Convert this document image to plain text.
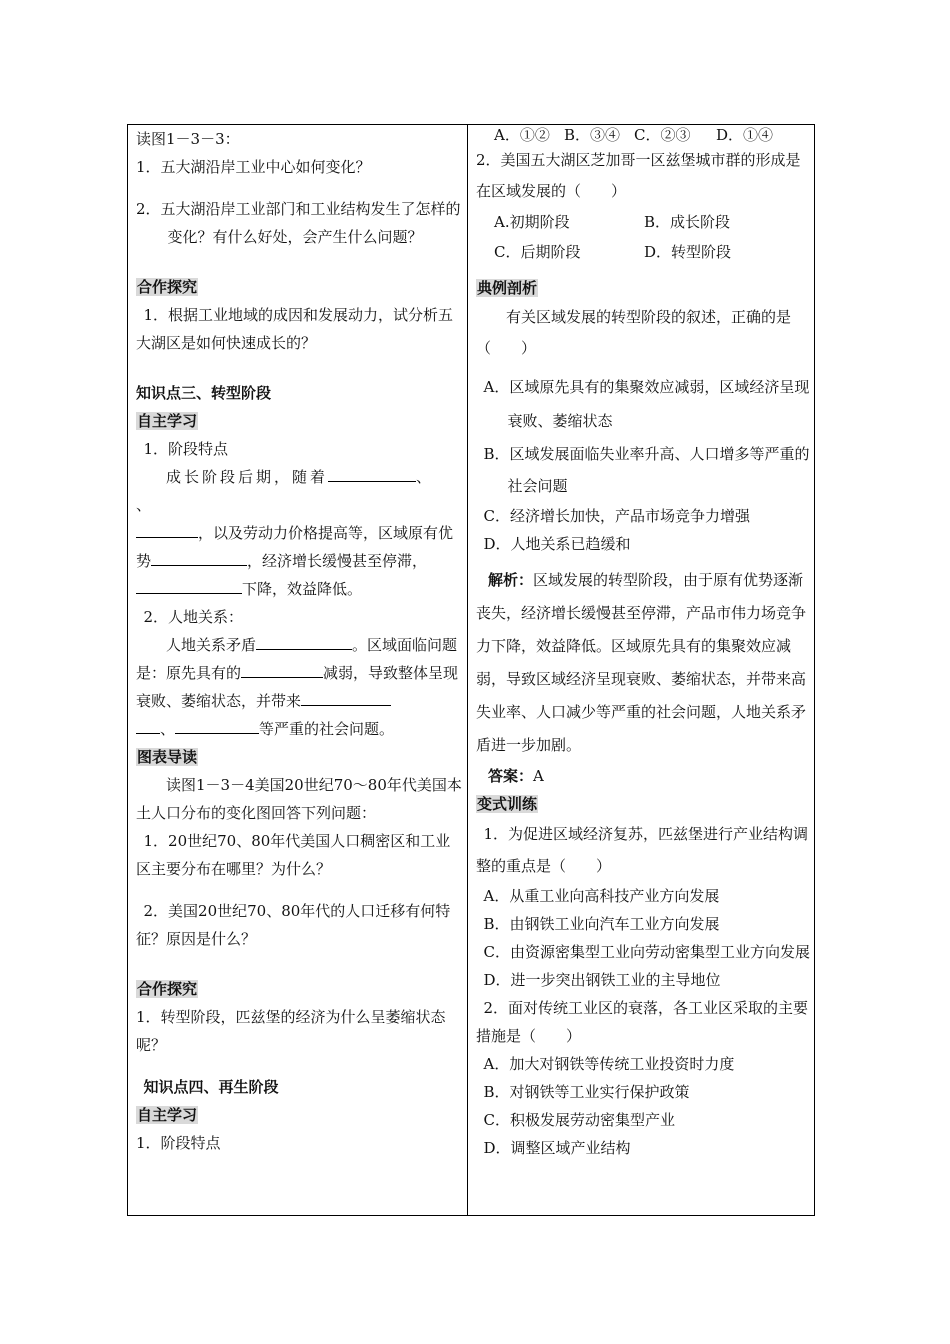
读图1－3－3：

1．五大湖沿岸工业中心如何变化？

2．五大湖沿岸工业部门和工业结构发生了怎样的变化？有什么好处，会产生什么问题？

合作探究

1．根据工业地域的成因和发展动力，试分析五大湖区是如何快速成长的？

知识点三、转型阶段

自主学习

1．阶段特点

成长阶段后期，随着	、

、

，以及劳动力价格提高等，区域原有优势	，经济增长缓慢甚至停滞，

下降，效益降低。

2．人地关系：

人地关系矛盾	。区域面临问题是：原先具有的	减弱，导致整体呈现衰败、萎缩状态，并带来

、	等严重的社会问题。

图表导读

读图1－3－4美国20世纪70～80年代美国本土人口分布的变化图回答下列问题：

1．20世纪70、80年代美国人口稠密区和工业区主要分布在哪里？为什么？

2．美国20世纪70、80年代的人口迁移有何特征？原因是什么？

合作探究

1．转型阶段，匹兹堡的经济为什么呈萎缩状态呢？

知识点四、再生阶段

自主学习

1．阶段特点

A．①② B．③④ C．②③ D．①④

2．美国五大湖区芝加哥一区兹堡城市群的形成是在区域发展的（　　）

A.初期阶段	B．成长阶段

C．后期阶段	D．转型阶段

典例剖析

有关区域发展的转型阶段的叙述，正确的是（　　）

A．区域原先具有的集聚效应减弱，区域经济呈现衰败、萎缩状态

B．区域发展面临失业率升高、人口增多等严重的社会问题

C．经济增长加快，产品市场竞争力增强

D．人地关系已趋缓和

解析：区域发展的转型阶段，由于原有优势逐渐丧失，经济增长缓慢甚至停滞，产品市伟力场竞争力下降，效益降低。区域原先具有的集聚效应减弱，导致区域经济呈现衰败、萎缩状态，并带来高失业率、人口减少等严重的社会问题，人地关系矛盾进一步加剧。

答案：A

变式训练

1．为促进区域经济复苏，匹兹堡进行产业结构调整的重点是（　　）

A．从重工业向高科技产业方向发展

B．由钢铁工业向汽车工业方向发展

C．由资源密集型工业向劳动密集型工业方向发展

D．进一步突出钢铁工业的主导地位

2．面对传统工业区的衰落，各工业区采取的主要措施是（　　）

A．加大对钢铁等传统工业投资时力度

B．对钢铁等工业实行保护政策

C．积极发展劳动密集型产业

D．调整区域产业结构
